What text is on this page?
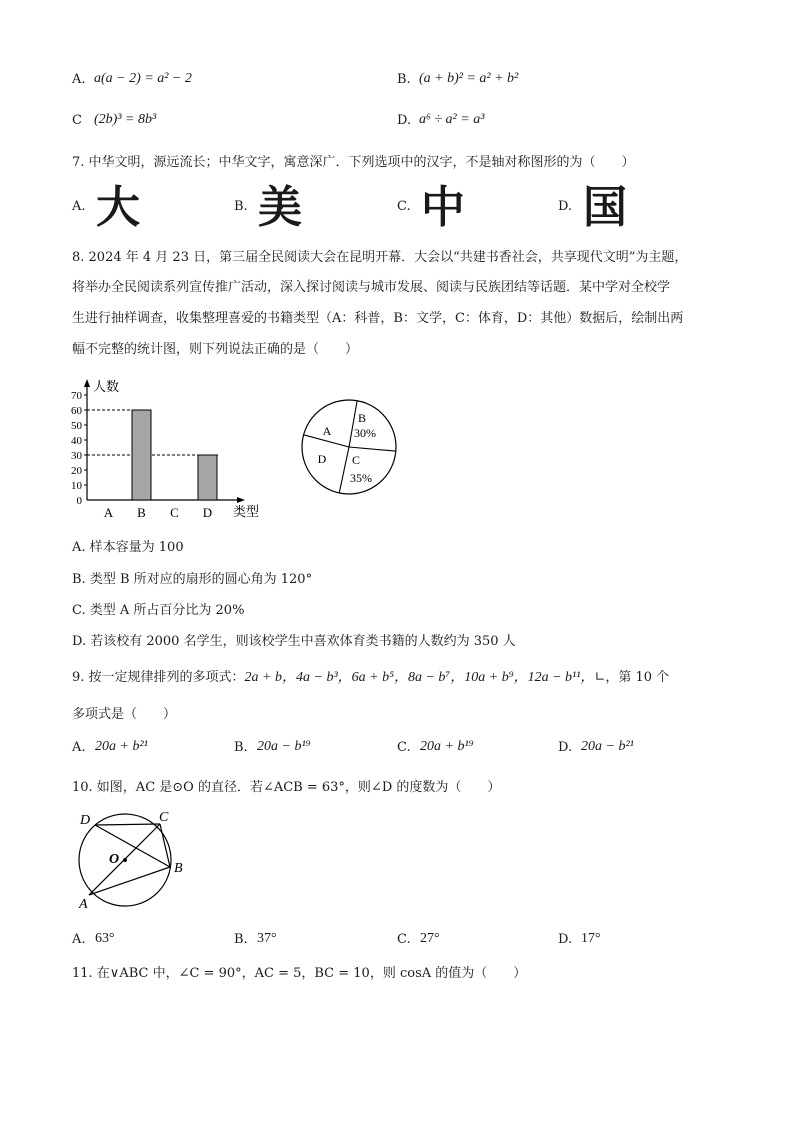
A. a(a − 2) = a² − 2	B. (a + b)² = a² + b²
C (2b)³ = 8b³	D. a⁶ ÷ a² = a³
7. 中华文明，源远流长；中华文字，寓意深广．下列选项中的汉字，不是轴对称图形的为（　　）
A. 大	B. 美	C. 中	D. 国
8. 2024 年 4 月 23 日，第三届全民阅读大会在昆明开幕．大会以“共建书香社会，共享现代文明”为主题，
将举办全民阅读系列宣传推广活动，深入探讨阅读与城市发展、阅读与民族团结等话题．某中学对全校学
生进行抽样调查，收集整理喜爱的书籍类型（A：科普，B：文学，C：体育，D：其他）数据后，绘制出两
幅不完整的统计图，则下列说法正确的是（　　）
人数
类型
0
10
20
30
40
50
60
70
A B C D
A
B
30%
C
35%
D
A. 样本容量为 100
B. 类型 B 所对应的扇形的圆心角为 120°
C. 类型 A 所占百分比为 20%
D. 若该校有 2000 名学生，则该校学生中喜欢体育类书籍的人数约为 350 人
9. 按一定规律排列的多项式：2a + b，4a − b³，6a + b⁵，8a − b⁷，10a + b⁹，12a − b¹¹，∟，第 10 个
多项式是（　　）
A. 20a + b²¹	B. 20a − b¹⁹	C. 20a + b¹⁹	D. 20a − b²¹
10. 如图，AC 是⊙O 的直径．若∠ACB = 63°，则∠D 的度数为（　　）
D	C
O
B
A
A. 63°	B. 37°	C. 27°	D. 17°
11. 在∨ABC 中，∠C = 90°，AC = 5，BC = 10，则 cosA 的值为（　　）
